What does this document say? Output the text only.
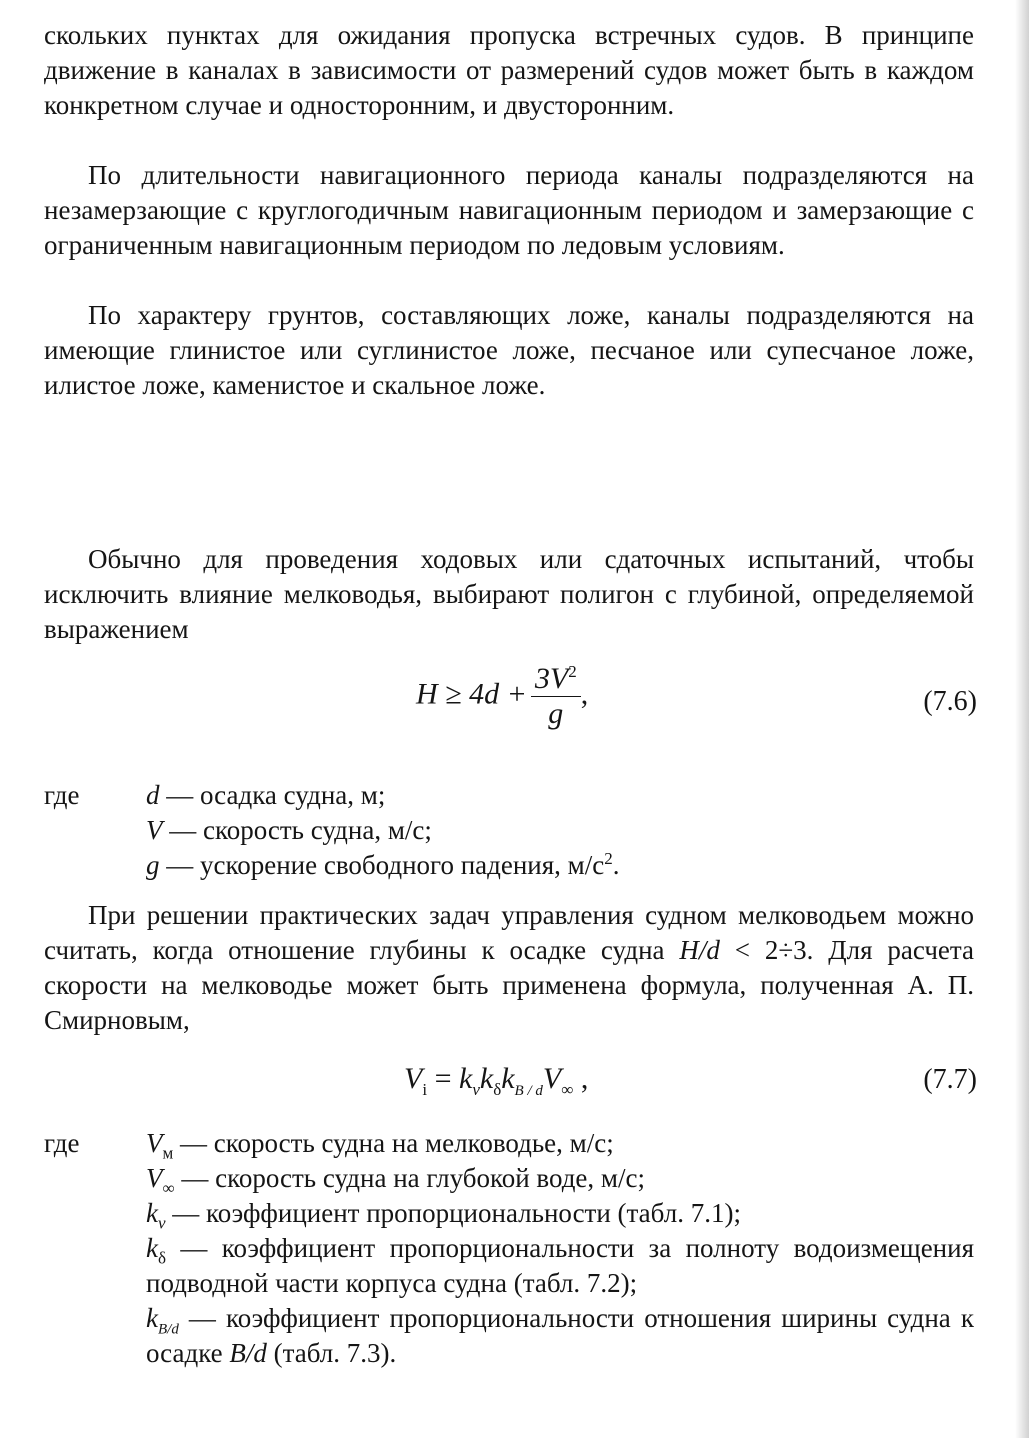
скольких пунктах для ожидания пропуска встречных судов. В принципе движение в каналах в зависимости от размерений судов может быть в каждом конкретном случае и односторонним, и двусторонним.

По длительности навигационного периода каналы подразделяются на незамерзающие с круглогодичным навигационным периодом и замерзающие с ограниченным навигационным периодом по ледовым условиям.

По характеру грунтов, составляющих ложе, каналы подразделяются на имеющие глинистое или суглинистое ложе, песчаное или супесчаное ложе, илистое ложе, каменистое и скальное ложе.

Обычно для проведения ходовых или сдаточных испытаний, чтобы исключить влияние мелководья, выбирают полигон с глубиной, определяемой выражением

$H \ge 4d + \frac{3V^2}{g}$ ,	(7.6)
где d — осадка судна, м;
V — скорость судна, м/с;
g — ускорение свободного падения, $м/с^2$.

При решении практических задач управления судном мелководьем можно считать, когда отношение глубины к осадке судна H/d < 2÷3. Для расчета скорости на мелководье может быть применена формула, полученная А. П. Смирновым,

$V_i = k_vk_\delta k_{B / d}V_\infty$ ,	(7.7)
где $V_м$ — скорость судна на мелководье, м/с;
$V_\infty$ — скорость судна на глубокой воде, м/с;
$k_v$ — коэффициент пропорциональности (табл. 7.1);
$k_\delta$ — коэффициент пропорциональности за полноту водоизмещения подводной части корпуса судна (табл. 7.2);
$k_{B/d}$ — коэффициент пропорциональности отношения ширины судна к осадке B/d (табл. 7.3).
